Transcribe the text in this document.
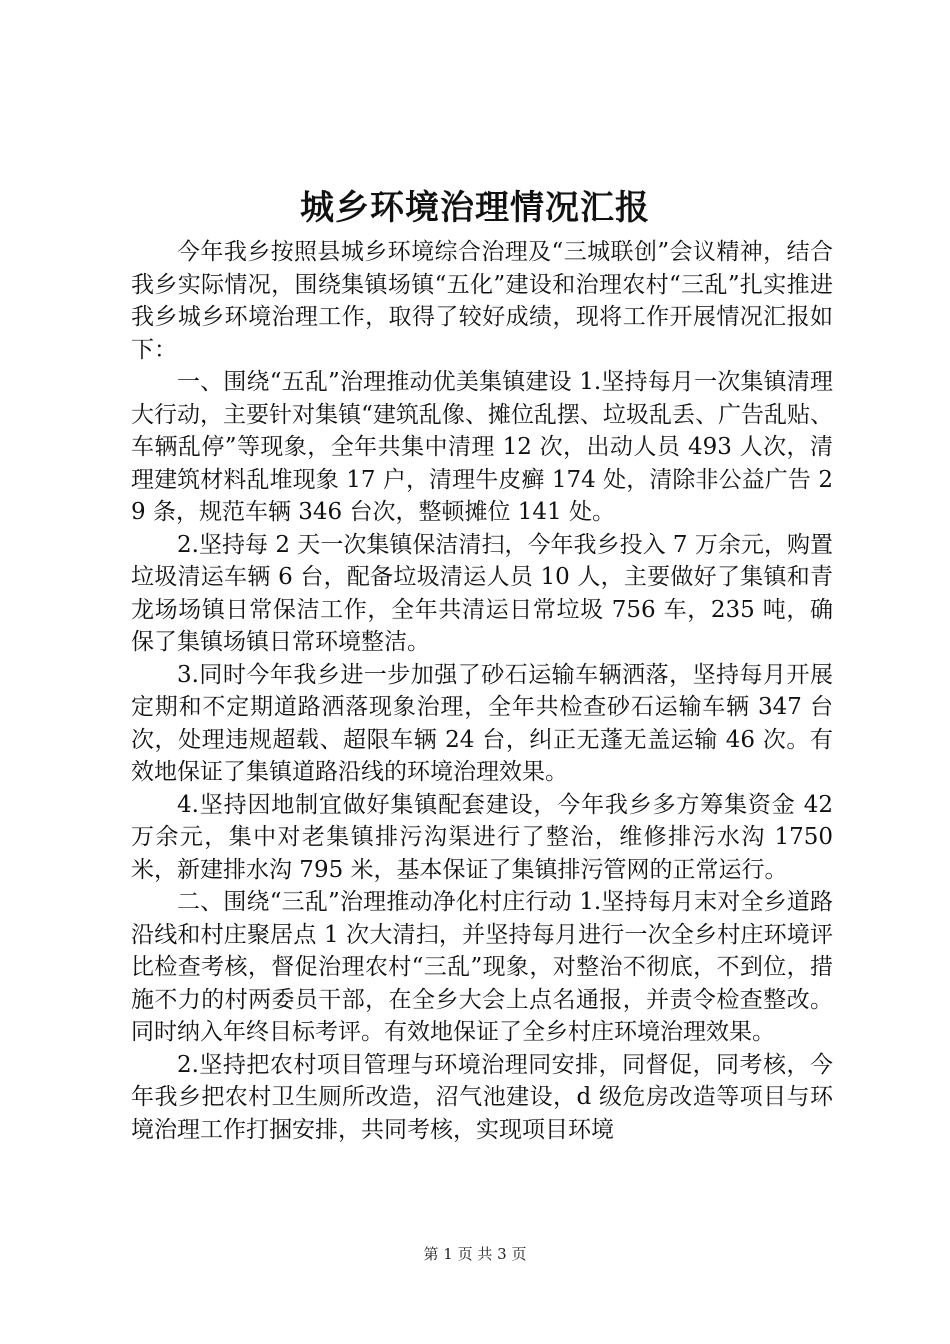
城乡环境治理情况汇报

今年我乡按照县城乡环境综合治理及“三城联创”会议精神，结合我乡实际情况，围绕集镇场镇“五化”建设和治理农村“三乱”扎实推进我乡城乡环境治理工作，取得了较好成绩，现将工作开展情况汇报如下：

一、围绕“五乱”治理推动优美集镇建设 1.坚持每月一次集镇清理大行动，主要针对集镇“建筑乱像、摊位乱摆、垃圾乱丢、广告乱贴、车辆乱停”等现象，全年共集中清理 12 次，出动人员 493 人次，清理建筑材料乱堆现象 17 户，清理牛皮癣 174 处，清除非公益广告 29 条，规范车辆 346 台次，整顿摊位 141 处。

2.坚持每 2 天一次集镇保洁清扫，今年我乡投入 7 万余元，购置垃圾清运车辆 6 台，配备垃圾清运人员 10 人，主要做好了集镇和青龙场场镇日常保洁工作，全年共清运日常垃圾 756 车，235 吨，确保了集镇场镇日常环境整洁。

3.同时今年我乡进一步加强了砂石运输车辆洒落，坚持每月开展定期和不定期道路洒落现象治理，全年共检查砂石运输车辆 347 台次，处理违规超载、超限车辆 24 台，纠正无蓬无盖运输 46 次。有效地保证了集镇道路沿线的环境治理效果。

4.坚持因地制宜做好集镇配套建设，今年我乡多方筹集资金 42 万余元，集中对老集镇排污沟渠进行了整治，维修排污水沟 1750 米，新建排水沟 795 米，基本保证了集镇排污管网的正常运行。

二、围绕“三乱”治理推动净化村庄行动 1.坚持每月末对全乡道路沿线和村庄聚居点 1 次大清扫，并坚持每月进行一次全乡村庄环境评比检查考核，督促治理农村“三乱”现象，对整治不彻底，不到位，措施不力的村两委员干部，在全乡大会上点名通报，并责令检查整改。同时纳入年终目标考评。有效地保证了全乡村庄环境治理效果。

2.坚持把农村项目管理与环境治理同安排，同督促，同考核，今年我乡把农村卫生厕所改造，沼气池建设，d 级危房改造等项目与环境治理工作打捆安排，共同考核，实现项目环境

第 1 页 共 3 页
